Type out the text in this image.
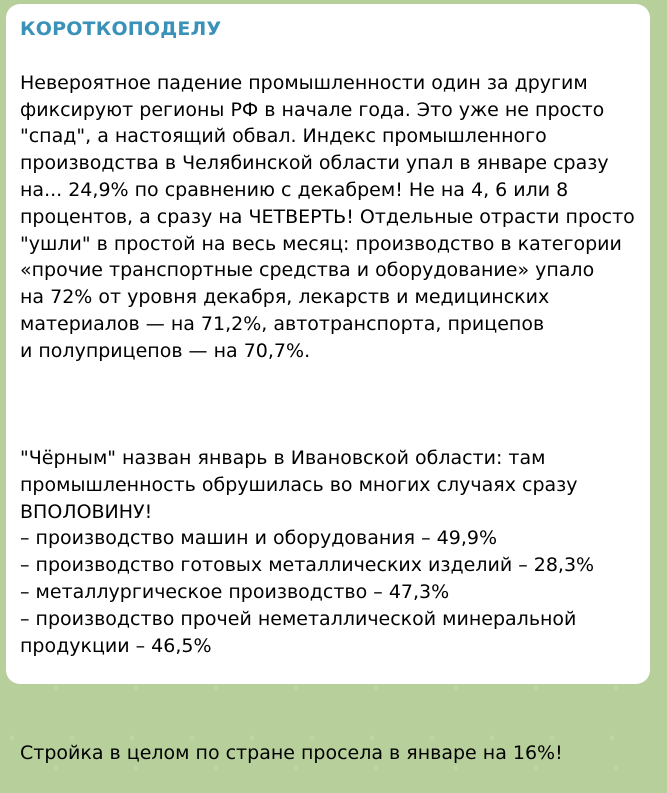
КОРОТКОПОДЕЛУ

Невероятное падение промышленности один за другим
фиксируют регионы РФ в начале года. Это уже не просто
"спад", а настоящий обвал. Индекс промышленного
производства в Челябинской области упал в январе сразу
на... 24,9% по сравнению с декабрем! Не на 4, 6 или 8
процентов, а сразу на ЧЕТВЕРТЬ! Отдельные отрасти просто
"ушли" в простой на весь месяц: производство в категории
«прочие транспортные средства и оборудование» упало
на 72% от уровня декабря, лекарств и медицинских
материалов — на 71,2%, автотранспорта, прицепов
и полуприцепов — на 70,7%.

"Чёрным" назван январь в Ивановской области: там
промышленность обрушилась во многих случаях сразу
ВПОЛОВИНУ!
– производство машин и оборудования – 49,9%
– производство готовых металлических изделий – 28,3%
– металлургическое производство – 47,3%
– производство прочей неметаллической минеральной
продукции – 46,5%

Стройка в целом по стране просела в январе на 16%!
